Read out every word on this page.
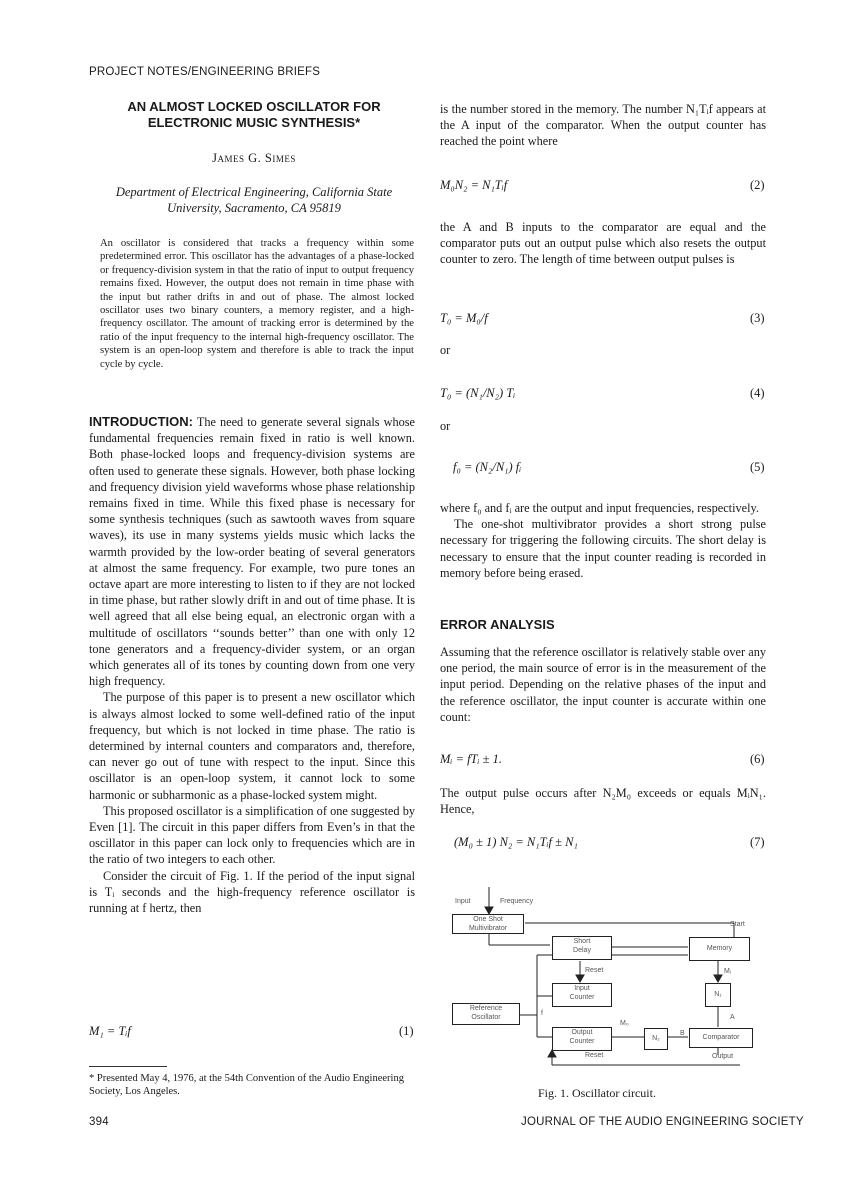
PROJECT NOTES/ENGINEERING BRIEFS
AN ALMOST LOCKED OSCILLATOR FOR
ELECTRONIC MUSIC SYNTHESIS*
James G. Simes
Department of Electrical Engineering, California State
University, Sacramento, CA 95819
An oscillator is considered that tracks a frequency within some predetermined error. This oscillator has the advantages of a phase-locked or frequency-division system in that the ratio of input to output frequency remains fixed. However, the output does not remain in time phase with the input but rather drifts in and out of phase. The almost locked oscillator uses two binary counters, a memory register, and a high-frequency oscillator. The amount of tracking error is determined by the ratio of the input frequency to the internal high-frequency oscillator. The system is an open-loop system and therefore is able to track the input cycle by cycle.

INTRODUCTION: The need to generate several signals whose fundamental frequencies remain fixed in ratio is well known. Both phase-locked loops and frequency-division systems are often used to generate these signals. However, both phase locking and frequency division yield waveforms whose phase relationship remains fixed in time. While this fixed phase is necessary for some synthesis techniques (such as sawtooth waves from square waves), its use in many systems yields music which lacks the warmth provided by the low-order beating of several generators at almost the same frequency. For example, two pure tones an octave apart are more interesting to listen to if they are not locked in time phase, but rather slowly drift in and out of time phase. It is well agreed that all else being equal, an electronic organ with a multitude of oscillators ‘‘sounds better’’ than one with only 12 tone generators and a frequency-divider system, or an organ which generates all of its tones by counting down from one very high frequency.

The purpose of this paper is to present a new oscillator which is always almost locked to some well-defined ratio of the input frequency, but which is not locked in time phase. The ratio is determined by internal counters and comparators and, therefore, can never go out of tune with respect to the input. Since this oscillator is an open-loop system, it cannot lock to some harmonic or subharmonic as a phase-locked system might.

This proposed oscillator is a simplification of one suggested by Even [1]. The circuit in this paper differs from Even’s in that the oscillator in this paper can lock only to frequencies which are in the ratio of two integers to each other.

Consider the circuit of Fig. 1. If the period of the input signal is Tᵢ seconds and the high-frequency reference oscillator is running at f hertz, then

M₁ = Tᵢf	(1)
* Presented May 4, 1976, at the 54th Convention of the Audio Engineering Society, Los Angeles.
394
is the number stored in the memory. The number N₁Tᵢf appears at the A input of the comparator. When the output counter has reached the point where
M₀N₂ = N₁Tᵢf	(2)
the A and B inputs to the comparator are equal and the comparator puts out an output pulse which also resets the output counter to zero. The length of time between output pulses is
T₀ = M₀/f	(3)
or
T₀ = (N₁/N₂) Tᵢ	(4)
or
f₀ = (N₂/N₁) fᵢ	(5)

where f₀ and fᵢ are the output and input frequencies, respectively.

The one-shot multivibrator provides a short strong pulse necessary for triggering the following circuits. The short delay is necessary to ensure that the input counter reading is recorded in memory before being erased.

ERROR ANALYSIS
Assuming that the reference oscillator is relatively stable over any one period, the main source of error is in the measurement of the input period. Depending on the relative phases of the input and the reference oscillator, the input counter is accurate within one count:
Mᵢ = fTᵢ ± 1.	(6)
The output pulse occurs after N₂M₀ exceeds or equals MᵢN₁. Hence,
(M₀ ± 1) N₂ = N₁Tᵢf ± N₁	(7)
Input	Frequency
One Shot
Multivibrator
Start
Short
Delay	Memory
Reset	Mᵢ
Input
Counter	N₁
Reference
Oscillator
f
M₀
A
Output
Counter	N₂
B
Comparator
Reset	Output
Fig. 1. Oscillator circuit.
JOURNAL OF THE AUDIO ENGINEERING SOCIETY
